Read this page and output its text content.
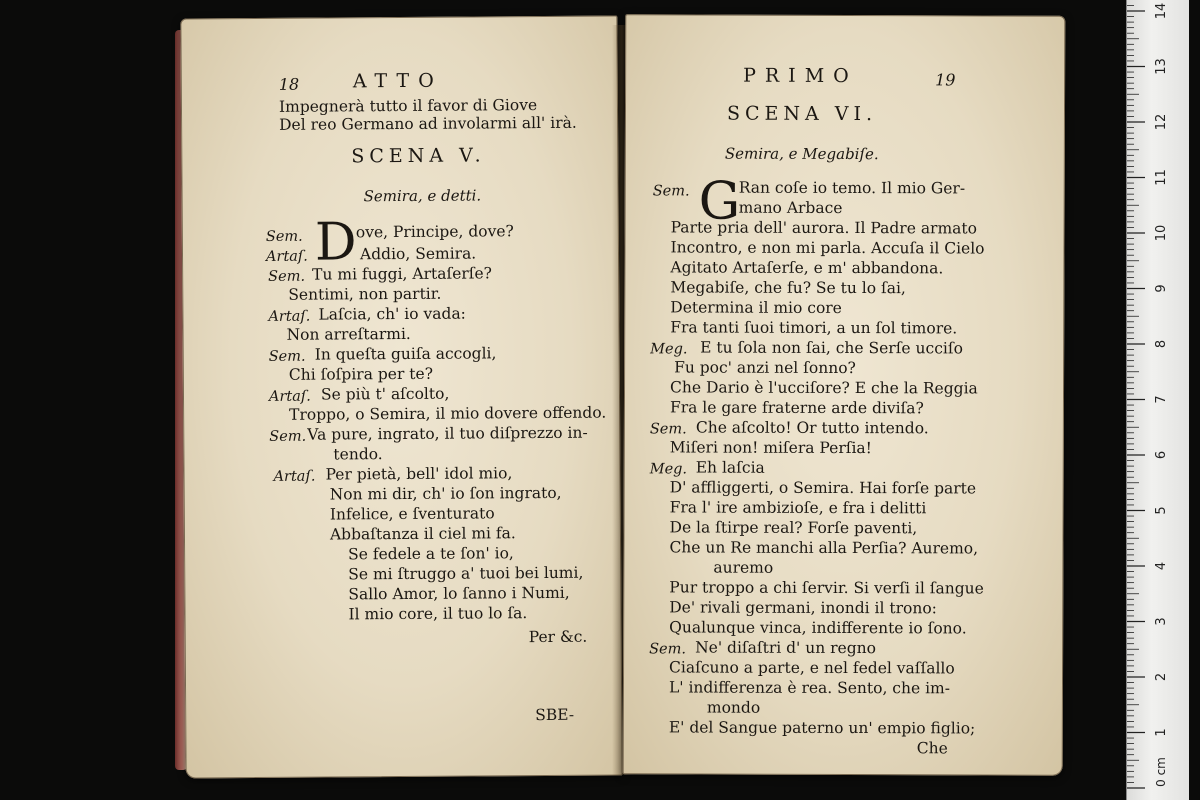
18	ATTO
Impegnerà tutto il favor di Giove
Del reo Germano ad involarmi all' irà.
SCENA V.
Semira, e detti.
D
Sem.	ove, Principe, dove?
Artaſ.	Addio, Semira.
Sem. Tu mi fuggi, Artaſerſe?
Sentimi, non partir.
Artaſ. Laſcia, ch' io vada:
Non arreſtarmi.
Sem. In queſta guiſa accogli,
Chi ſoſpira per te?
Artaſ. Se più t' aſcolto,
Troppo, o Semira, il mio dovere offendo.
Sem. Va pure, ingrato, il tuo diſprezzo in-
tendo.
Artaſ. Per pietà, bell' idol mio,
Non mi dir, ch' io ſon ingrato,
Infelice, e ſventurato
Abbaſtanza il ciel mi fa.
Se fedele a te ſon' io,
Se mi ſtruggo a' tuoi bei lumi,
Sallo Amor, lo ſanno i Numi,
Il mio core, il tuo lo ſa.
Per &c.
SBE-
PRIMO	19
SCENA VI.
Semira, e Megabiſe.
G
Sem.	Ran coſe io temo. Il mio Ger-
mano Arbace
Parte pria dell' aurora. Il Padre armato
Incontro, e non mi parla. Accuſa il Cielo
Agitato Artaſerſe, e m' abbandona.
Megabiſe, che fu? Se tu lo ſai,
Determina il mio core
Fra tanti ſuoi timori, a un ſol timore.
Meg. E tu ſola non ſai, che Serſe ucciſo
Fu poc' anzi nel ſonno?
Che Dario è l'ucciſore? E che la Reggia
Fra le gare fraterne arde diviſa?
Sem. Che aſcolto! Or tutto intendo.
Miſeri non! miſera Perſia!
Meg. Eh laſcia
D' affliggerti, o Semira. Hai forſe parte
Fra l' ire ambizioſe, e fra i delitti
De la ſtirpe real? Forſe paventi,
Che un Re manchi alla Perſia? Auremo,
auremo
Pur troppo a chi ſervir. Si verſi il ſangue
De' rivali germani, inondi il trono:
Qualunque vinca, indifferente io ſono.
Sem. Ne' diſaſtri d' un regno
Ciaſcuno a parte, e nel fedel vaſſallo
L' indifferenza è rea. Sento, che im-
mondo
E' del Sangue paterno un' empio figlio;
Che
1
2
3
4
5
6
7
8
9
10
11
12
13
14
0 cm
